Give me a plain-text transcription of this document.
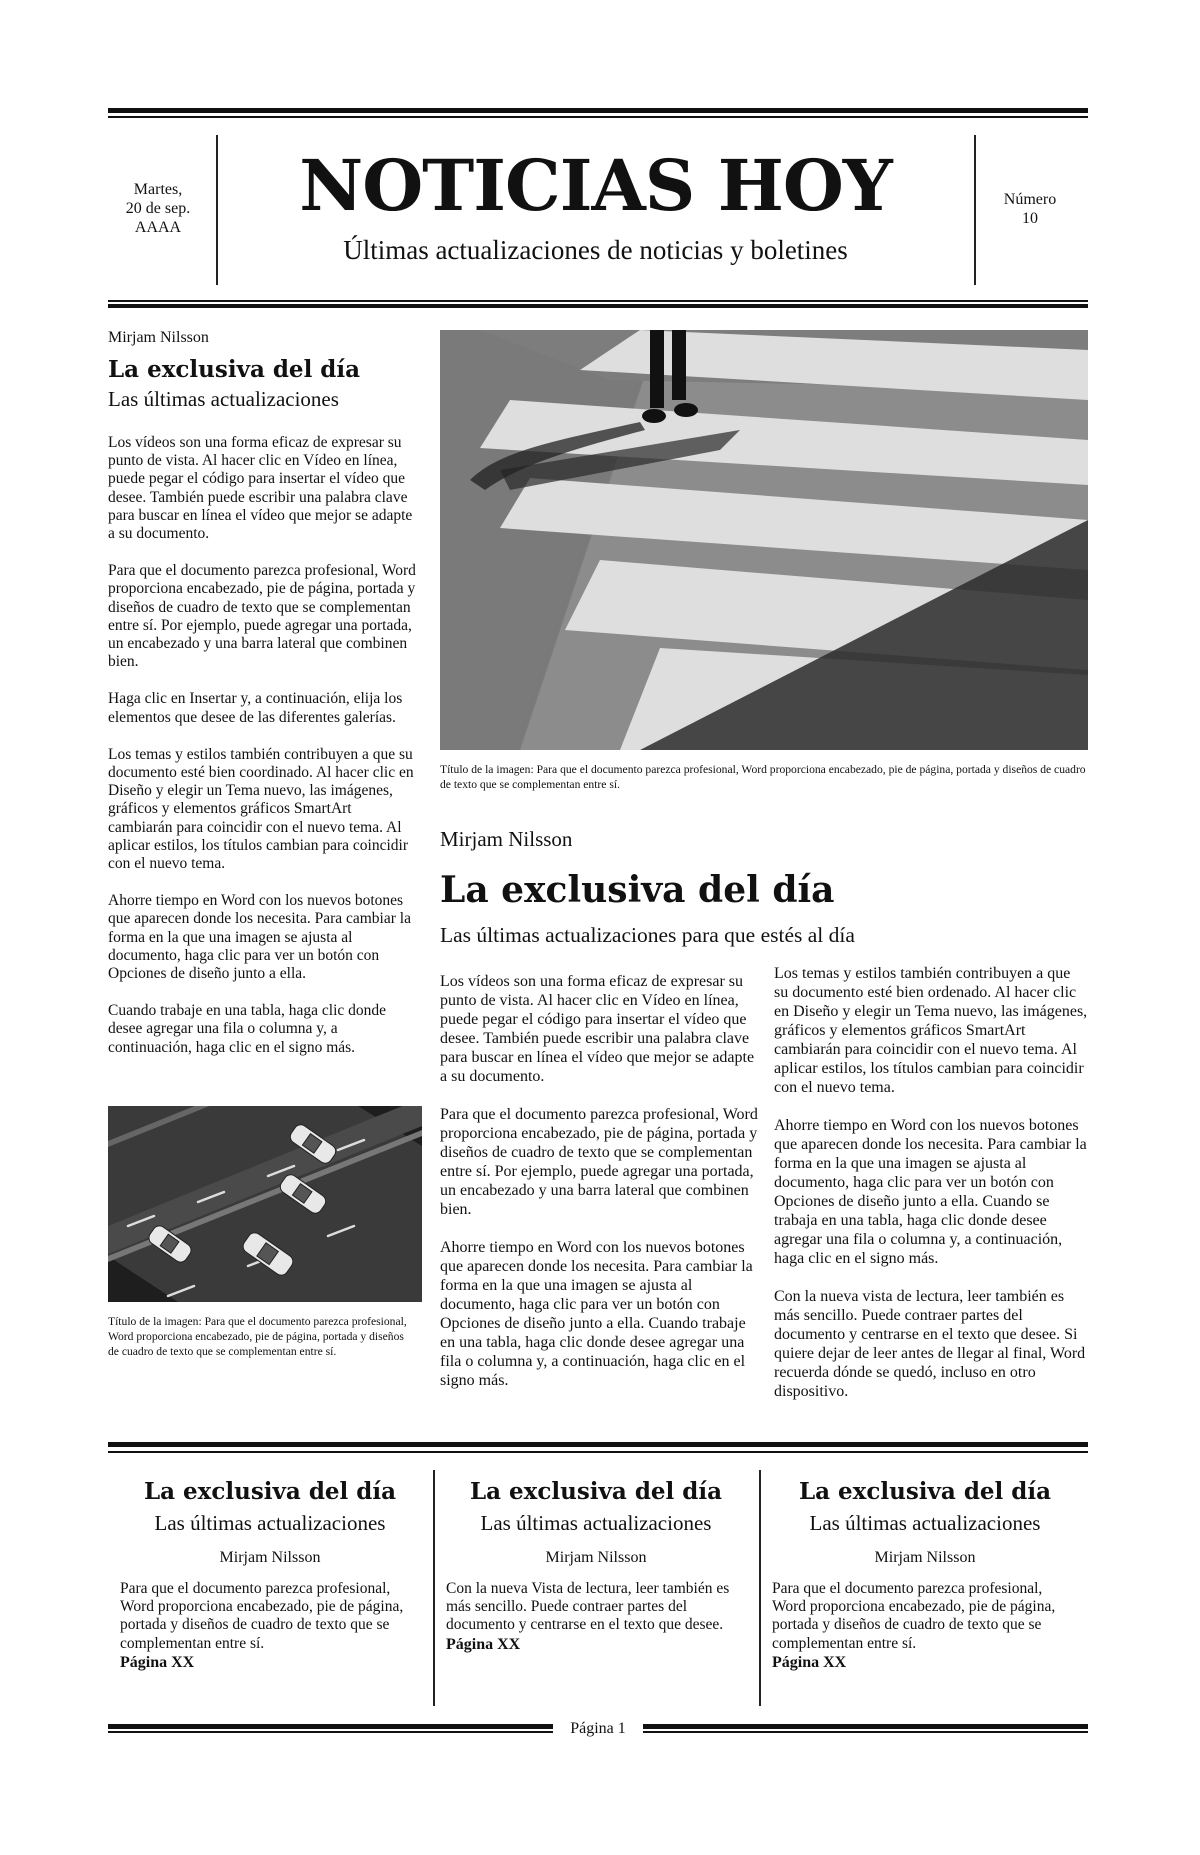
Martes,
20 de sep.
AAAA
NOTICIAS HOY
Últimas actualizaciones de noticias y boletines
Número
10
Mirjam Nilsson
La exclusiva del día
Las últimas actualizaciones

Los vídeos son una forma eficaz de expresar su punto de vista. Al hacer clic en Vídeo en línea, puede pegar el código para insertar el vídeo que desee. También puede escribir una palabra clave para buscar en línea el vídeo que mejor se adapte a su documento.

Para que el documento parezca profesional, Word proporciona encabezado, pie de página, portada y diseños de cuadro de texto que se complementan entre sí. Por ejemplo, puede agregar una portada, un encabezado y una barra lateral que combinen bien.

Haga clic en Insertar y, a continuación, elija los elementos que desee de las diferentes galerías.

Los temas y estilos también contribuyen a que su documento esté bien coordinado. Al hacer clic en Diseño y elegir un Tema nuevo, las imágenes, gráficos y elementos gráficos SmartArt cambiarán para coincidir con el nuevo tema. Al aplicar estilos, los títulos cambian para coincidir con el nuevo tema.

Ahorre tiempo en Word con los nuevos botones que aparecen donde los necesita. Para cambiar la forma en la que una imagen se ajusta al documento, haga clic para ver un botón con Opciones de diseño junto a ella.

Cuando trabaje en una tabla, haga clic donde desee agregar una fila o columna y, a continuación, haga clic en el signo más.

Título de la imagen: Para que el documento parezca profesional, Word proporciona encabezado, pie de página, portada y diseños de cuadro de texto que se complementan entre sí.
Título de la imagen: Para que el documento parezca profesional, Word proporciona encabezado, pie de página, portada y diseños de cuadro de texto que se complementan entre sí.
Mirjam Nilsson
La exclusiva del día
Las últimas actualizaciones para que estés al día

Los vídeos son una forma eficaz de expresar su punto de vista. Al hacer clic en Vídeo en línea, puede pegar el código para insertar el vídeo que desee. También puede escribir una palabra clave para buscar en línea el vídeo que mejor se adapte a su documento.

Para que el documento parezca profesional, Word proporciona encabezado, pie de página, portada y diseños de cuadro de texto que se complementan entre sí. Por ejemplo, puede agregar una portada, un encabezado y una barra lateral que combinen bien.

Ahorre tiempo en Word con los nuevos botones que aparecen donde los necesita. Para cambiar la forma en la que una imagen se ajusta al documento, haga clic para ver un botón con Opciones de diseño junto a ella. Cuando trabaje en una tabla, haga clic donde desee agregar una fila o columna y, a continuación, haga clic en el signo más.

Los temas y estilos también contribuyen a que su documento esté bien ordenado. Al hacer clic en Diseño y elegir un Tema nuevo, las imágenes, gráficos y elementos gráficos SmartArt cambiarán para coincidir con el nuevo tema. Al aplicar estilos, los títulos cambian para coincidir con el nuevo tema.

Ahorre tiempo en Word con los nuevos botones que aparecen donde los necesita. Para cambiar la forma en la que una imagen se ajusta al documento, haga clic para ver un botón con Opciones de diseño junto a ella. Cuando se trabaja en una tabla, haga clic donde desee agregar una fila o columna y, a continuación, haga clic en el signo más.

Con la nueva vista de lectura, leer también es más sencillo. Puede contraer partes del documento y centrarse en el texto que desee. Si quiere dejar de leer antes de llegar al final, Word recuerda dónde se quedó, incluso en otro dispositivo.

La exclusiva del día
Las últimas actualizaciones
Mirjam Nilsson

Para que el documento parezca profesional, Word proporciona encabezado, pie de página, portada y diseños de cuadro de texto que se complementan entre sí.

Página XX
La exclusiva del día
Las últimas actualizaciones
Mirjam Nilsson

Con la nueva Vista de lectura, leer también es más sencillo. Puede contraer partes del documento y centrarse en el texto que desee.

Página XX
La exclusiva del día
Las últimas actualizaciones
Mirjam Nilsson

Para que el documento parezca profesional, Word proporciona encabezado, pie de página, portada y diseños de cuadro de texto que se complementan entre sí.

Página XX
Página 1
